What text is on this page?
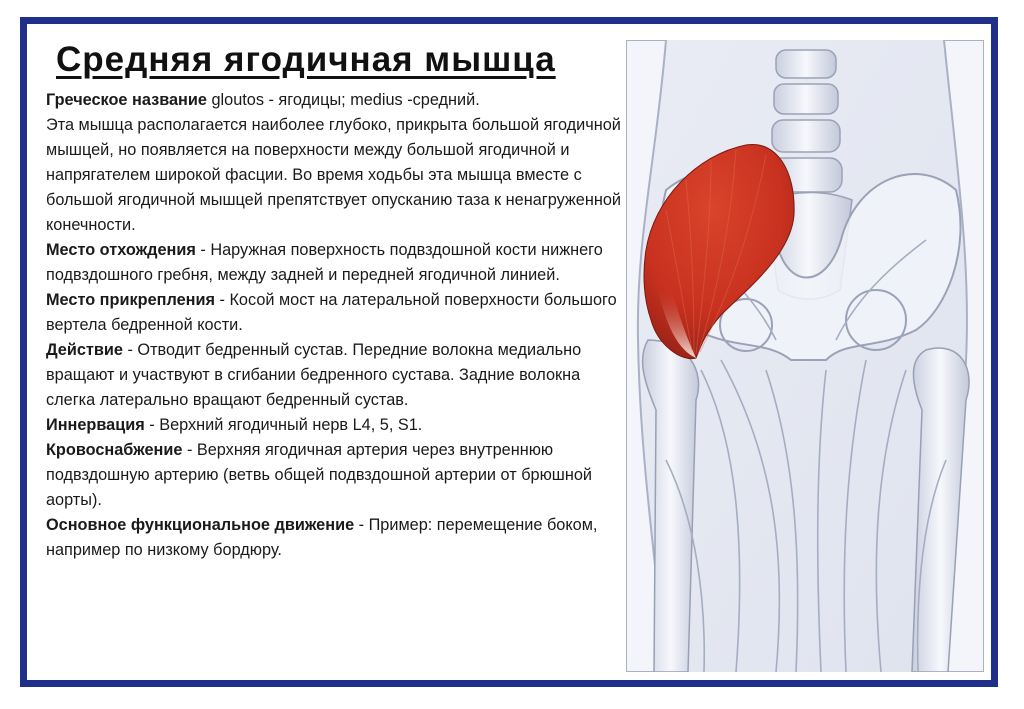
Средняя ягодичная мышца

Греческое название gloutos - ягодицы; medius -средний.
Эта мышца располагается наиболее глубоко, прикрыта большой ягодичной мышцей, но появляется на поверхности между большой ягодичной и напрягателем широкой фасции. Во время ходьбы эта мышца вместе с большой ягодичной мышцей препятствует опусканию таза к ненагруженной конечности.

Место отхождения - Наружная поверхность подвздошной кости нижнего подвздошного гребня, между задней и передней ягодичной линией.

Место прикрепления - Косой мост на латеральной поверхности большого вертела бедренной кости.

Действие - Отводит бедренный сустав. Передние волокна медиально вращают и участвуют в сгибании бедренного сустава. Задние волокна слегка латерально вращают бедренный сустав.

Иннервация - Верхний ягодичный нерв L4, 5, S1.

Кровоснабжение - Верхняя ягодичная артерия через внутреннюю подвздошную артерию (ветвь общей подвздошной артерии от брюшной аорты).

Основное функциональное движение - Пример: перемещение боком, например по низкому бордюру.
